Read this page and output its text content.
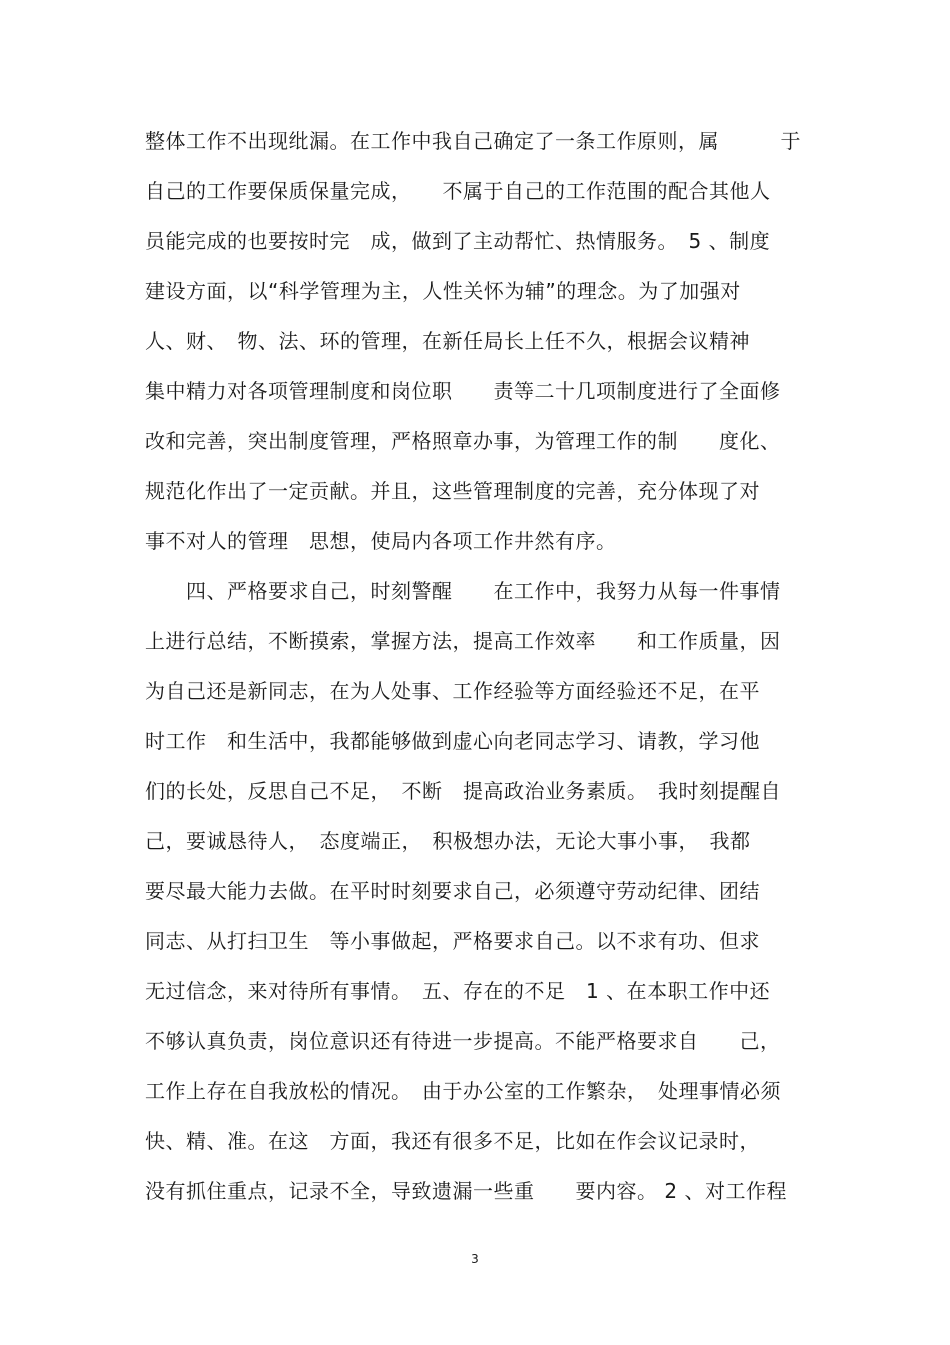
整体工作不出现纰漏。在工作中我自己确定了一条工作原则，属　　　于
自己的工作要保质保量完成，　　不属于自己的工作范围的配合其他人
员能完成的也要按时完　成，做到了主动帮忙、热情服务。　5 、制度
建设方面，以“科学管理为主，人性关怀为辅”的理念。为了加强对
人、财、　物、法、环的管理，在新任局长上任不久，根据会议精神
集中精力对各项管理制度和岗位职　　责等二十几项制度进行了全面修
改和完善，突出制度管理，严格照章办事，为管理工作的制　　度化、
规范化作出了一定贡献。并且，这些管理制度的完善，充分体现了对
事不对人的管理　思想，使局内各项工作井然有序。
　　四、严格要求自己，时刻警醒　　在工作中，我努力从每一件事情
上进行总结，不断摸索，掌握方法，提高工作效率　　和工作质量，因
为自己还是新同志，在为人处事、工作经验等方面经验还不足，在平
时工作　和生活中，我都能够做到虚心向老同志学习、请教，学习他
们的长处，反思自己不足，　不断　提高政治业务素质。　我时刻提醒自
己，要诚恳待人，　态度端正，　积极想办法，无论大事小事，　我都
要尽最大能力去做。在平时时刻要求自己，必须遵守劳动纪律、团结
同志、从打扫卫生　等小事做起，严格要求自己。以不求有功、但求
无过信念，来对待所有事情。　五、存在的不足　1 、在本职工作中还
不够认真负责，岗位意识还有待进一步提高。不能严格要求自　　己，
工作上存在自我放松的情况。　由于办公室的工作繁杂，　处理事情必须
快、精、准。在这　方面，我还有很多不足，比如在作会议记录时，
没有抓住重点，记录不全，导致遗漏一些重　　要内容。 2 、对工作程
3
